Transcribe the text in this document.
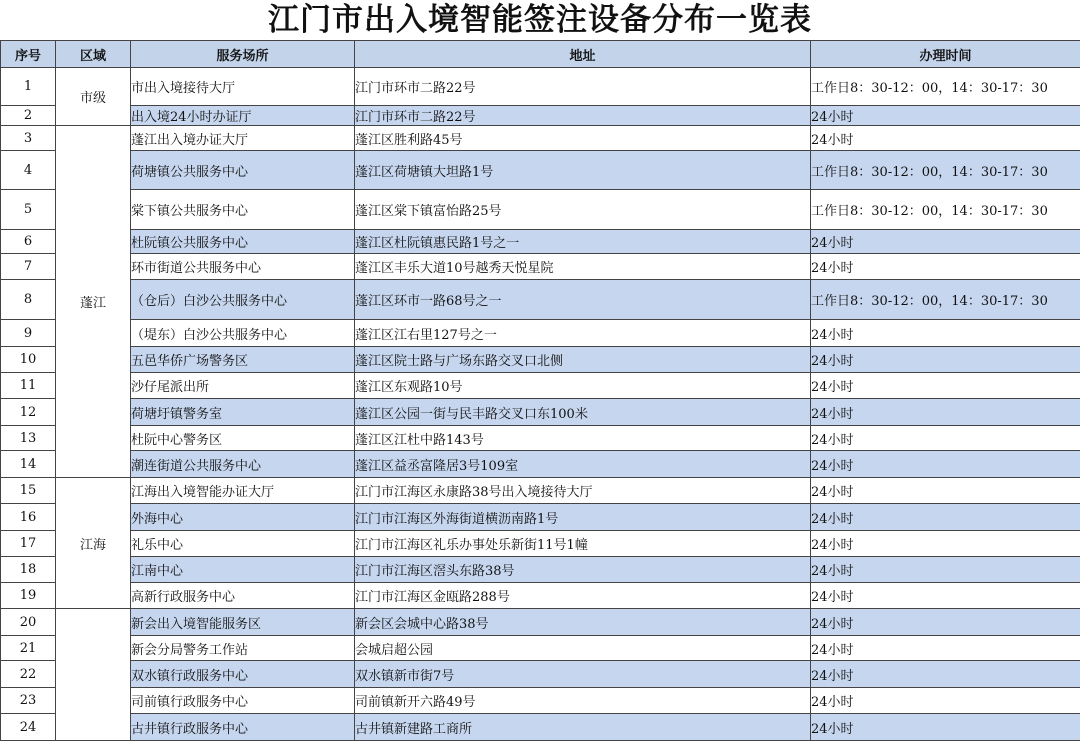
江门市出入境智能签注设备分布一览表
序号	区域	服务场所	地址	办理时间
1	市级	市出入境接待大厅	江门市环市二路22号	工作日8：30-12：00，14：30-17：30
2		出入境24小时办证厅	江门市环市二路22号	24小时
3	蓬江	蓬江出入境办证大厅	蓬江区胜利路45号	24小时
4		荷塘镇公共服务中心	蓬江区荷塘镇大坦路1号	工作日8：30-12：00，14：30-17：30
5		棠下镇公共服务中心	蓬江区棠下镇富怡路25号	工作日8：30-12：00，14：30-17：30
6		杜阮镇公共服务中心	蓬江区杜阮镇惠民路1号之一	24小时
7		环市街道公共服务中心	蓬江区丰乐大道10号越秀天悦星院	24小时
8		（仓后）白沙公共服务中心	蓬江区环市一路68号之一	工作日8：30-12：00，14：30-17：30
9		（堤东）白沙公共服务中心	蓬江区江右里127号之一	24小时
10		五邑华侨广场警务区	蓬江区院士路与广场东路交叉口北侧	24小时
11		沙仔尾派出所	蓬江区东观路10号	24小时
12		荷塘圩镇警务室	蓬江区公园一街与民丰路交叉口东100米	24小时
13		杜阮中心警务区	蓬江区江杜中路143号	24小时
14		潮连街道公共服务中心	蓬江区益丞富隆居3号109室	24小时
15	江海	江海出入境智能办证大厅	江门市江海区永康路38号出入境接待大厅	24小时
16		外海中心	江门市江海区外海街道横沥南路1号	24小时
17		礼乐中心	江门市江海区礼乐办事处乐新街11号1幢	24小时
18		江南中心	江门市江海区滘头东路38号	24小时
19		高新行政服务中心	江门市江海区金瓯路288号	24小时
20		新会出入境智能服务区	新会区会城中心路38号	24小时
21		新会分局警务工作站	会城启超公园	24小时
22		双水镇行政服务中心	双水镇新市街7号	24小时
23		司前镇行政服务中心	司前镇新开六路49号	24小时
24		古井镇行政服务中心	古井镇新建路工商所	24小时
